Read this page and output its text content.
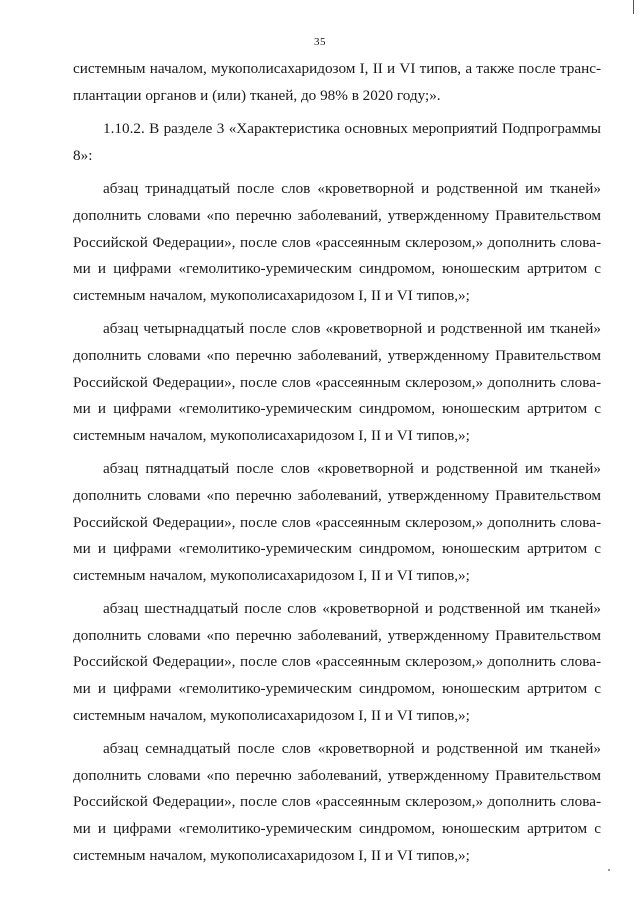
35

системным началом, мукополисахаридозом I, II и VI типов, а также после трансплантации органов и (или) тканей, до 98% в 2020 году;».

1.10.2. В разделе 3 «Характеристика основных мероприятий Подпрограммы 8»:

абзац тринадцатый после слов «кроветворной и родственной им тканей» дополнить словами «по перечню заболеваний, утвержденному Правительством Российской Федерации», после слов «рассеянным склерозом,» дополнить словами и цифрами «гемолитико-уремическим синдромом, юношеским артритом с системным началом, мукополисахаридозом I, II и VI типов,»;

абзац четырнадцатый после слов «кроветворной и родственной им тканей» дополнить словами «по перечню заболеваний, утвержденному Правительством Российской Федерации», после слов «рассеянным склерозом,» дополнить словами и цифрами «гемолитико-уремическим синдромом, юношеским артритом с системным началом, мукополисахаридозом I, II и VI типов,»;

абзац пятнадцатый после слов «кроветворной и родственной им тканей» дополнить словами «по перечню заболеваний, утвержденному Правительством Российской Федерации», после слов «рассеянным склерозом,» дополнить словами и цифрами «гемолитико-уремическим синдромом, юношеским артритом с системным началом, мукополисахаридозом I, II и VI типов,»;

абзац шестнадцатый после слов «кроветворной и родственной им тканей» дополнить словами «по перечню заболеваний, утвержденному Правительством Российской Федерации», после слов «рассеянным склерозом,» дополнить словами и цифрами «гемолитико-уремическим синдромом, юношеским артритом с системным началом, мукополисахаридозом I, II и VI типов,»;

абзац семнадцатый после слов «кроветворной и родственной им тканей» дополнить словами «по перечню заболеваний, утвержденному Правительством Российской Федерации», после слов «рассеянным склерозом,» дополнить словами и цифрами «гемолитико-уремическим синдромом, юношеским артритом с системным началом, мукополисахаридозом I, II и VI типов,»;
